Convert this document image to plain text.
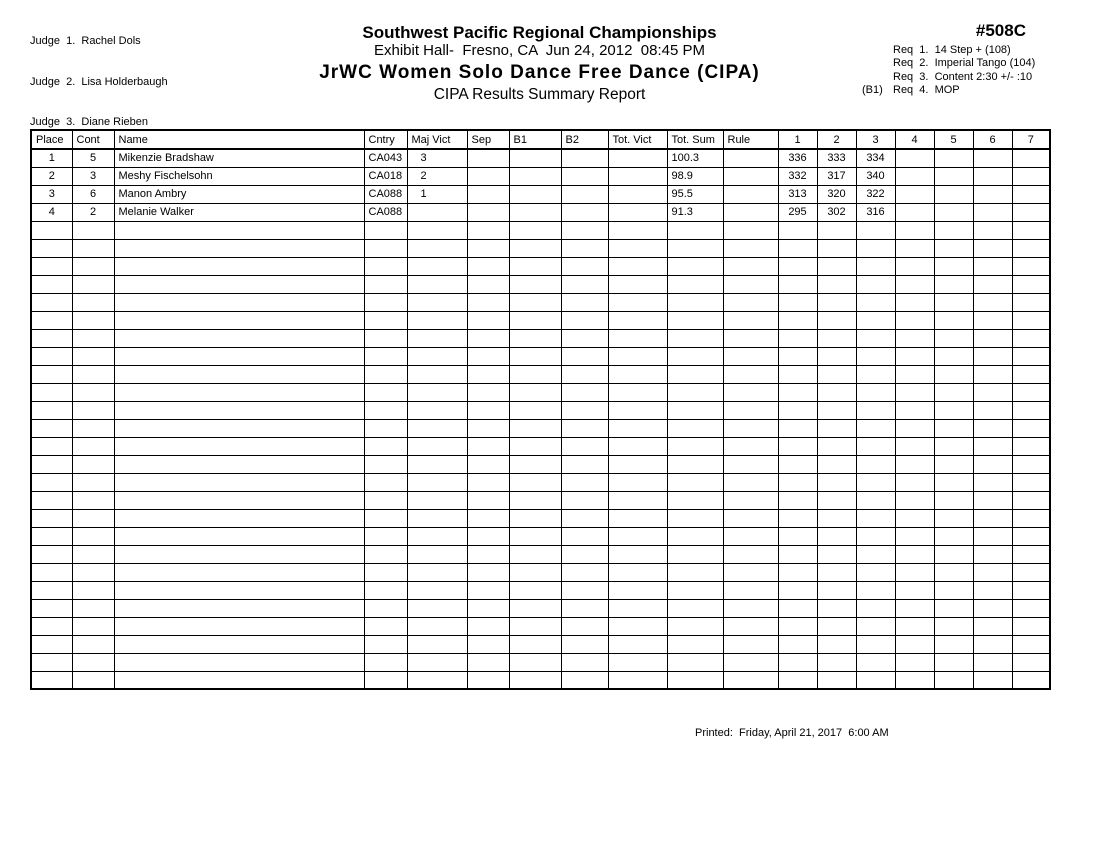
Judge  1.  Rachel Dols

Judge  2.  Lisa Holderbaugh

Judge  3.  Diane Rieben

Southwest Pacific Regional Championships
Exhibit Hall-  Fresno, CA  Jun 24, 2012  08:45 PM
JrWC Women Solo Dance Free Dance (CIPA)
CIPA Results Summary Report
#508C
Req  1.  14 Step + (108)
Req  2.  Imperial Tango (104)
Req  3.  Content 2:30 +/- :10
(B1) Req  4.  MOP
Place	Cont	Name	Cntry	Maj Vict	Sep	B1	B2	Tot. Vict	Tot. Sum	Rule	1	2	3	4	5	6	7
1	5	Mikenzie Bradshaw	CA043	3					100.3		336	333	334				
2	3	Meshy Fischelsohn	CA018	2					98.9		332	317	340				
3	6	Manon Ambry	CA088	1					95.5		313	320	322				
4	2	Melanie Walker	CA088						91.3		295	302	316				

Printed:  Friday, April 21, 2017  6:00 AM
